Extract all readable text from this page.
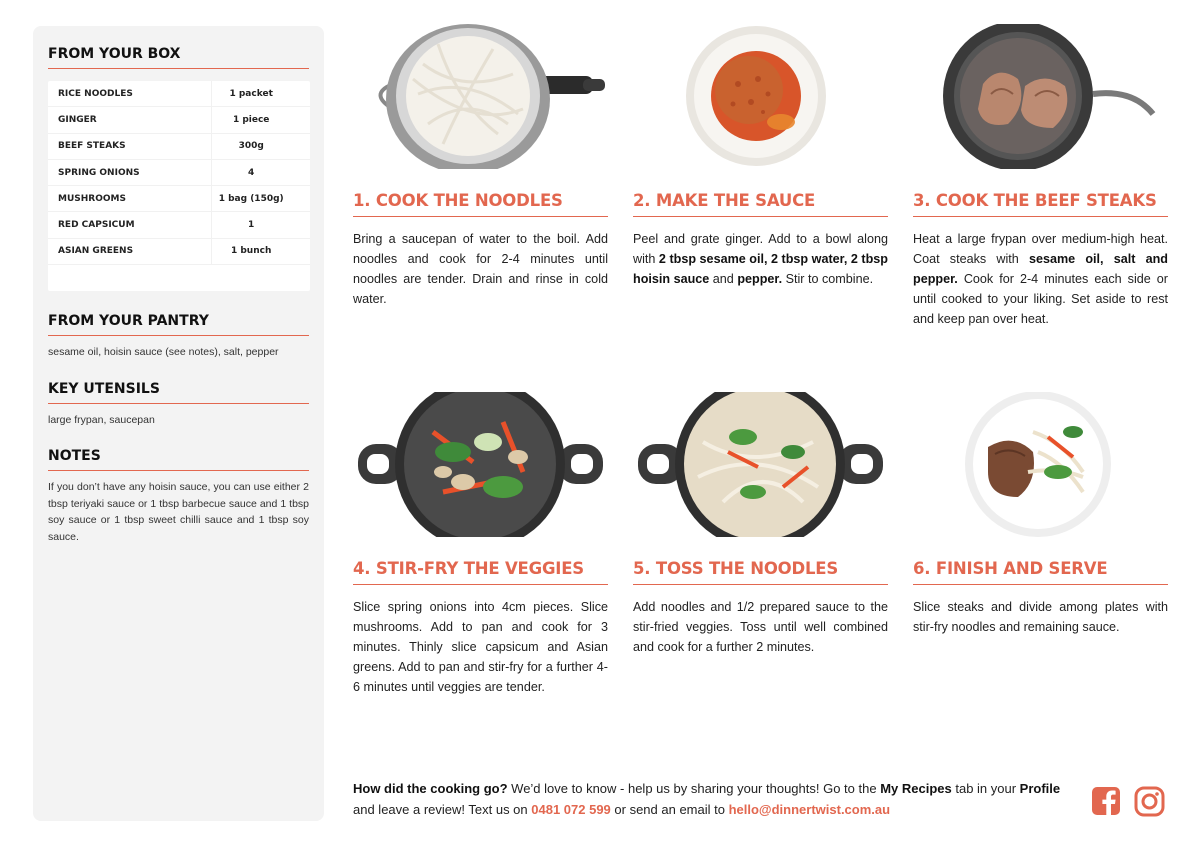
FROM YOUR BOX
RICE NOODLES	1 packet
GINGER	1 piece
BEEF STEAKS	300g
SPRING ONIONS	4
MUSHROOMS	1 bag (150g)
RED CAPSICUM	1
ASIAN GREENS	1 bunch
FROM YOUR PANTRY
sesame oil, hoisin sauce (see notes), salt, pepper
KEY UTENSILS
large frypan, saucepan
NOTES
If you don’t have any hoisin sauce, you can use either 2 tbsp teriyaki sauce or 1 tbsp barbecue sauce and 1 tbsp soy sauce or 1 tbsp sweet chilli sauce and 1 tbsp soy sauce.
1. COOK THE NOODLES
Bring a saucepan of water to the boil. Add noodles and cook for 2-4 minutes until noodles are tender. Drain and rinse in cold water.
2. MAKE THE SAUCE
Peel and grate ginger. Add to a bowl along with 2 tbsp sesame oil, 2 tbsp water, 2 tbsp hoisin sauce and pepper. Stir to combine.
3. COOK THE BEEF STEAKS
Heat a large frypan over medium-high heat. Coat steaks with sesame oil, salt and pepper. Cook for 2-4 minutes each side or until cooked to your liking. Set aside to rest and keep pan over heat.
4. STIR-FRY THE VEGGIES
Slice spring onions into 4cm pieces. Slice mushrooms. Add to pan and cook for 3 minutes. Thinly slice capsicum and Asian greens. Add to pan and stir-fry for a further 4-6 minutes until veggies are tender.
5. TOSS THE NOODLES
Add noodles and 1/2 prepared sauce to the stir-fried veggies. Toss until well combined and cook for a further 2 minutes.
6. FINISH AND SERVE
Slice steaks and divide among plates with stir-fry noodles and remaining sauce.
How did the cooking go? We’d love to know - help us by sharing your thoughts! Go to the My Recipes tab in your Profile and leave a review! Text us on 0481 072 599 or send an email to hello@dinnertwist.com.au
